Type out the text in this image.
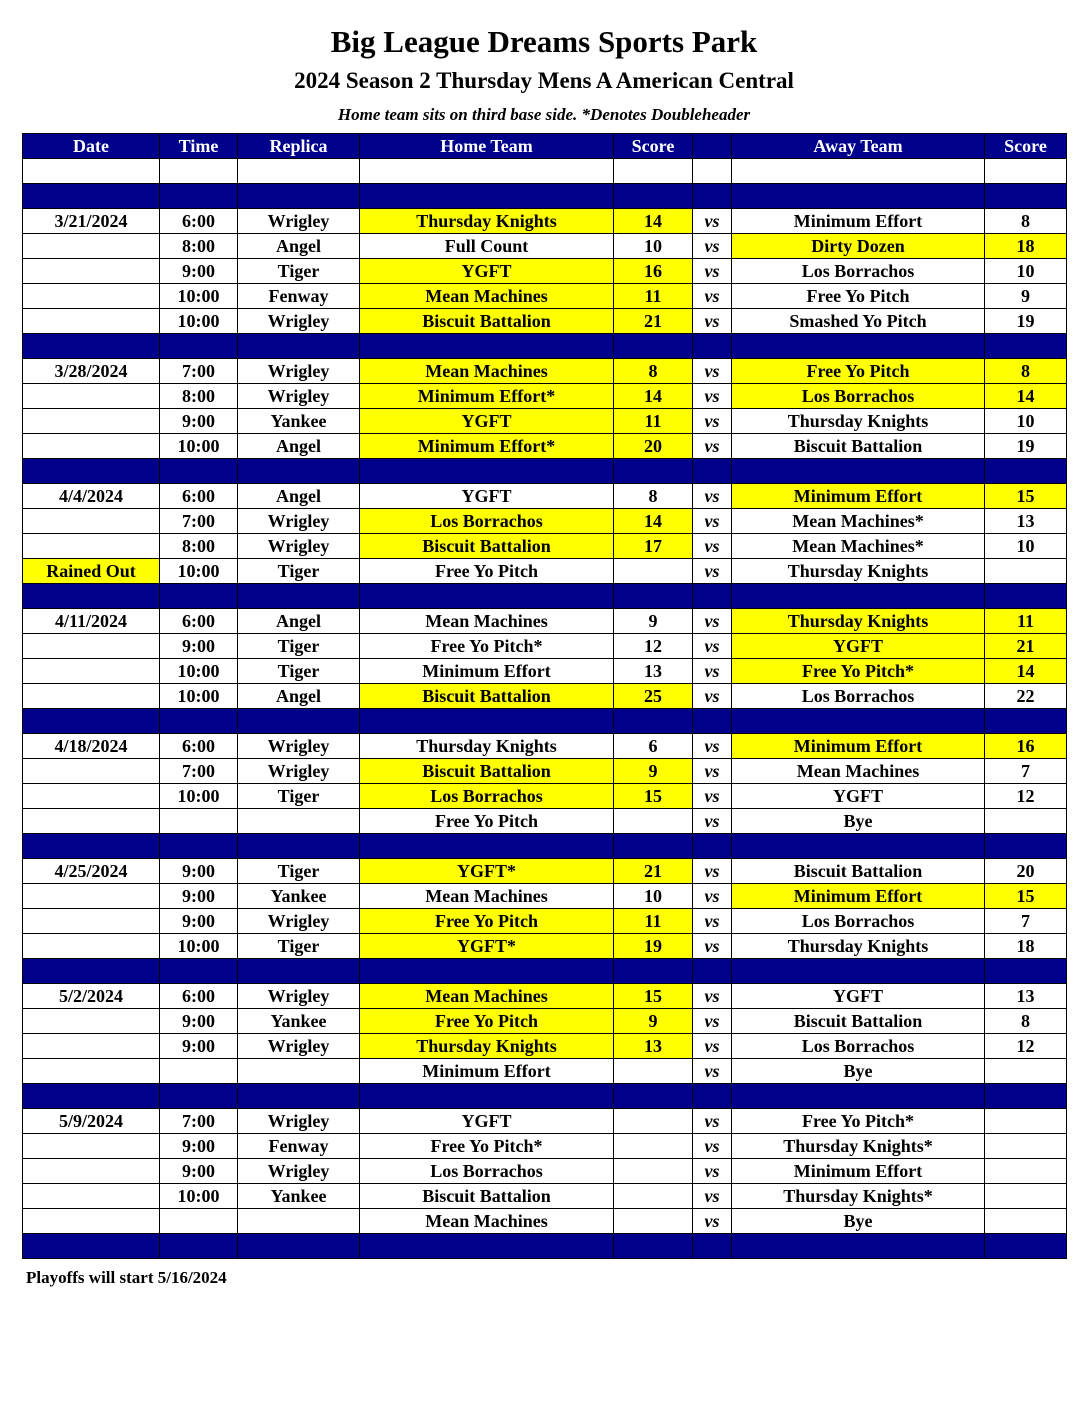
Big League Dreams Sports Park
2024 Season 2 Thursday Mens A American Central
Home team sits on third base side. *Denotes Doubleheader
Date	Time	Replica	Home Team	Score		Away Team	Score

3/21/2024	6:00	Wrigley	Thursday Knights	14	vs	Minimum Effort	8
	8:00	Angel	Full Count	10	vs	Dirty Dozen	18
	9:00	Tiger	YGFT	16	vs	Los Borrachos	10
	10:00	Fenway	Mean Machines	11	vs	Free Yo Pitch	9
	10:00	Wrigley	Biscuit Battalion	21	vs	Smashed Yo Pitch	19

3/28/2024	7:00	Wrigley	Mean Machines	8	vs	Free Yo Pitch	8
	8:00	Wrigley	Minimum Effort*	14	vs	Los Borrachos	14
	9:00	Yankee	YGFT	11	vs	Thursday Knights	10
	10:00	Angel	Minimum Effort*	20	vs	Biscuit Battalion	19

4/4/2024	6:00	Angel	YGFT	8	vs	Minimum Effort	15
	7:00	Wrigley	Los Borrachos	14	vs	Mean Machines*	13
	8:00	Wrigley	Biscuit Battalion	17	vs	Mean Machines*	10
Rained Out	10:00	Tiger	Free Yo Pitch		vs	Thursday Knights	

4/11/2024	6:00	Angel	Mean Machines	9	vs	Thursday Knights	11
	9:00	Tiger	Free Yo Pitch*	12	vs	YGFT	21
	10:00	Tiger	Minimum Effort	13	vs	Free Yo Pitch*	14
	10:00	Angel	Biscuit Battalion	25	vs	Los Borrachos	22

4/18/2024	6:00	Wrigley	Thursday Knights	6	vs	Minimum Effort	16
	7:00	Wrigley	Biscuit Battalion	9	vs	Mean Machines	7
	10:00	Tiger	Los Borrachos	15	vs	YGFT	12
			Free Yo Pitch		vs	Bye	

4/25/2024	9:00	Tiger	YGFT*	21	vs	Biscuit Battalion	20
	9:00	Yankee	Mean Machines	10	vs	Minimum Effort	15
	9:00	Wrigley	Free Yo Pitch	11	vs	Los Borrachos	7
	10:00	Tiger	YGFT*	19	vs	Thursday Knights	18

5/2/2024	6:00	Wrigley	Mean Machines	15	vs	YGFT	13
	9:00	Yankee	Free Yo Pitch	9	vs	Biscuit Battalion	8
	9:00	Wrigley	Thursday Knights	13	vs	Los Borrachos	12
			Minimum Effort		vs	Bye	

5/9/2024	7:00	Wrigley	YGFT		vs	Free Yo Pitch*	
	9:00	Fenway	Free Yo Pitch*		vs	Thursday Knights*	
	9:00	Wrigley	Los Borrachos		vs	Minimum Effort	
	10:00	Yankee	Biscuit Battalion		vs	Thursday Knights*	
			Mean Machines		vs	Bye	

Playoffs will start 5/16/2024
